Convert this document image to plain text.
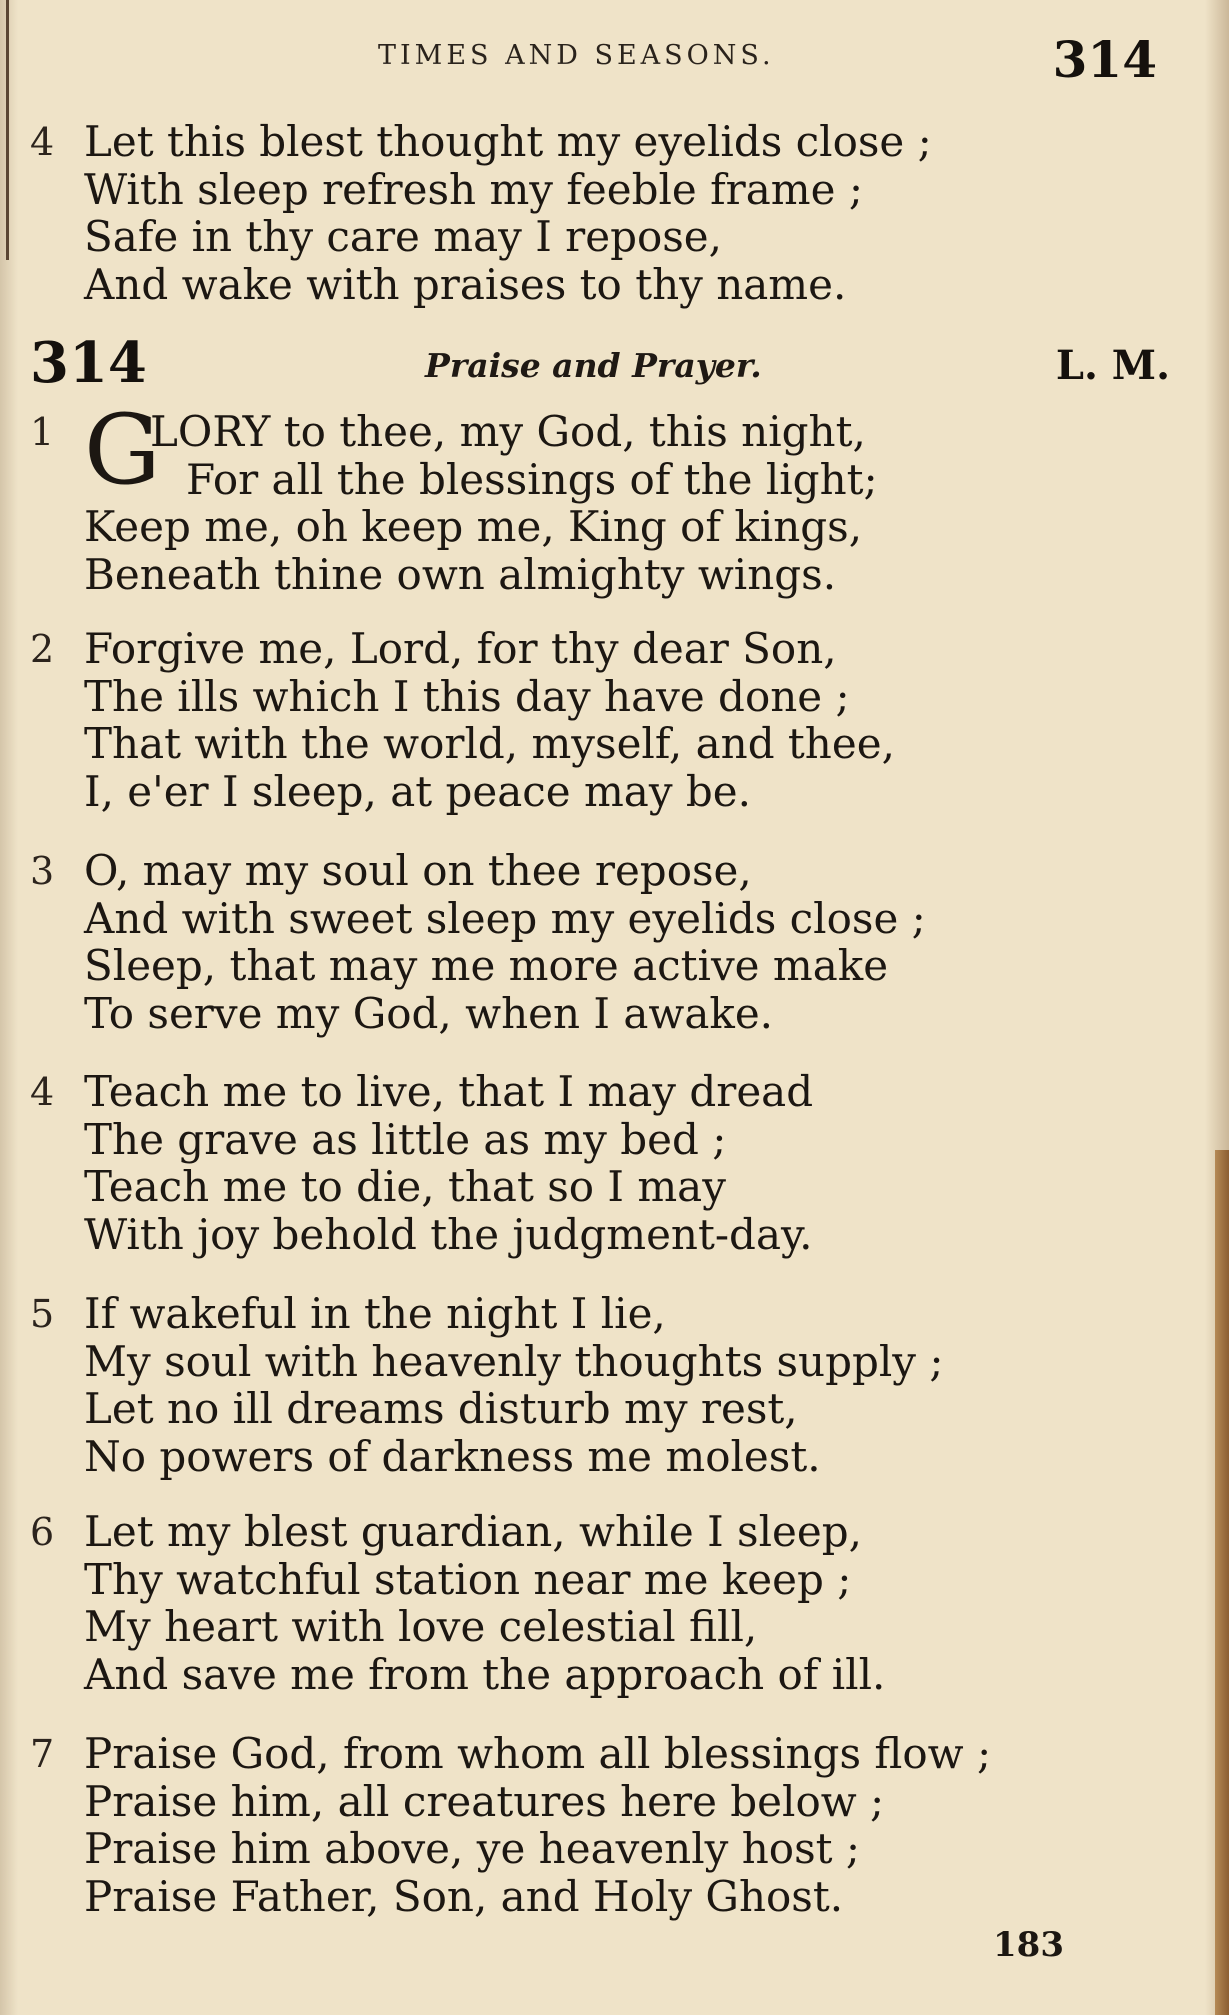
TIMES AND SEASONS.	314
4 Let this blest thought my eyelids close ;
With sleep refresh my feeble frame ;
Safe in thy care may I repose,
And wake with praises to thy name.
314	Praise and Prayer.	L. M.
1 G
LORY to thee, my God, this night,
For all the blessings of the light;
Keep me, oh keep me, King of kings,
Beneath thine own almighty wings.
2 Forgive me, Lord, for thy dear Son,
The ills which I this day have done ;
That with the world, myself, and thee,
I, e'er I sleep, at peace may be.
3 O, may my soul on thee repose,
And with sweet sleep my eyelids close ;
Sleep, that may me more active make
To serve my God, when I awake.
4 Teach me to live, that I may dread
The grave as little as my bed ;
Teach me to die, that so I may
With joy behold the judgment-day.
5 If wakeful in the night I lie,
My soul with heavenly thoughts supply ;
Let no ill dreams disturb my rest,
No powers of darkness me molest.
6 Let my blest guardian, while I sleep,
Thy watchful station near me keep ;
My heart with love celestial fill,
And save me from the approach of ill.
7 Praise God, from whom all blessings flow ;
Praise him, all creatures here below ;
Praise him above, ye heavenly host ;
Praise Father, Son, and Holy Ghost.
183
